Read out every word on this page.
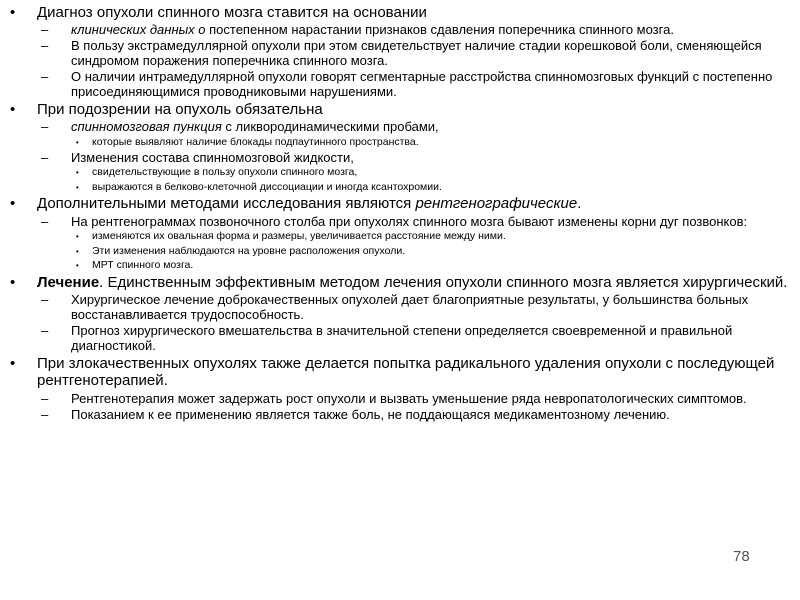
• Диагноз опухоли спинного мозга ставится на основании
– клинических данных о постепенном нарастании признаков сдавления поперечника спинного мозга.
– В пользу экстрамедуллярной опухоли при этом свидетельствует наличие стадии корешковой боли, сменяющейся синдромом поражения поперечника спинного мозга.
– О наличии интрамедуллярной опухоли говорят сегментарные расстройства спинномозговых функций с постепенно присоединяющимися проводниковыми нарушениями.
• При подозрении на опухоль обязательна
– спинномозговая пункция с ликвородинамическими пробами,
• которые выявляют наличие блокады подпаутинного пространства.
– Изменения состава спинномозговой жидкости,
• свидетельствующие в пользу опухоли спинного мозга,
• выражаются в белково-клеточной диссоциации и иногда ксантохромии.
• Дополнительными методами исследования являются рентгенографические.
– На рентгенограммах позвоночного столба при опухолях спинного мозга бывают изменены корни дуг позвонков:
• изменяются их овальная форма и размеры, увеличивается расстояние между ними.
• Эти изменения наблюдаются на уровне расположения опухоли.
• МРТ спинного мозга.
• Лечение. Единственным эффективным методом лечения опухоли спинного мозга является хирургический.
– Хирургическое лечение доброкачественных опухолей дает благоприятные результаты, у большинства больных восстанавливается трудоспособность.
– Прогноз хирургического вмешательства в значительной степени определяется своевременной и правильной диагностикой.
• При злокачественных опухолях также делается попытка радикального удаления опухоли с последующей рентгенотерапией.
– Рентгенотерапия может задержать рост опухоли и вызвать уменьшение ряда невропатологических симптомов.
– Показанием к ее применению является также боль, не поддающаяся медикаментозному лечению.
78
